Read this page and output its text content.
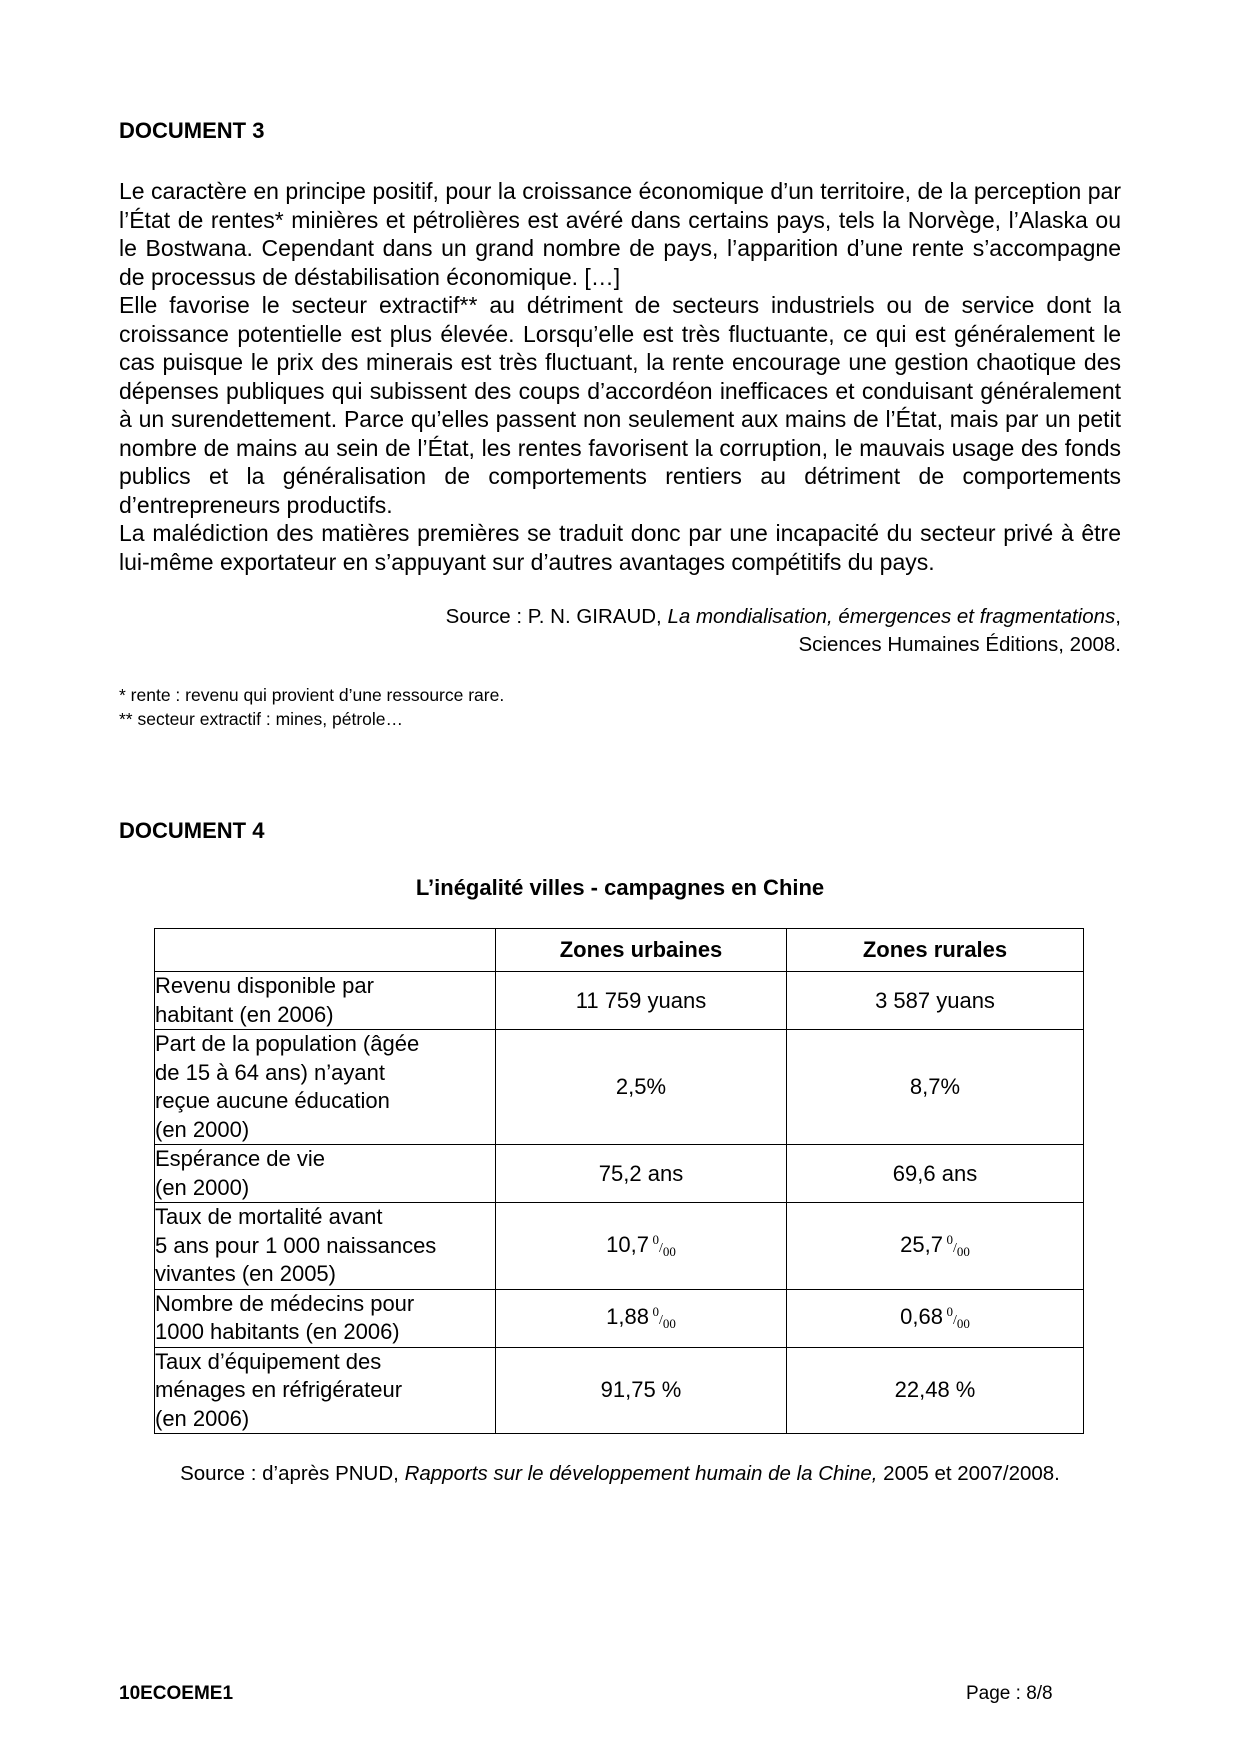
DOCUMENT 3

Le caractère en principe positif, pour la croissance économique d’un territoire, de la perception par l’État de rentes* minières et pétrolières est avéré dans certains pays, tels la Norvège, l’Alaska ou le Bostwana. Cependant dans un grand nombre de pays, l’apparition d’une rente s’accompagne de processus de déstabilisation économique. […]

Elle favorise le secteur extractif** au détriment de secteurs industriels ou de service dont la croissance potentielle est plus élevée. Lorsqu’elle est très fluctuante, ce qui est généralement le cas puisque le prix des minerais est très fluctuant, la rente encourage une gestion chaotique des dépenses publiques qui subissent des coups d’accordéon inefficaces et conduisant généralement à un surendettement. Parce qu’elles passent non seulement aux mains de l’État, mais par un petit nombre de mains au sein de l’État, les rentes favorisent la corruption, le mauvais usage des fonds publics et la généralisation de comportements rentiers au détriment de comportements d’entrepreneurs productifs.

La malédiction des matières premières se traduit donc par une incapacité du secteur privé à être lui-même exportateur en s’appuyant sur d’autres avantages compétitifs du pays.

Source : P. N. GIRAUD, La mondialisation, émergences et fragmentations,
Sciences Humaines Éditions, 2008.
* rente : revenu qui provient d’une ressource rare.
** secteur extractif : mines, pétrole…
DOCUMENT 4
L’inégalité villes - campagnes en Chine
	Zones urbaines	Zones rurales

Revenu disponible par
habitant (en 2006)	11 759 yuans	3 587 yuans

Part de la population (âgée
de 15 à 64 ans) n’ayant
reçue aucune éducation
(en 2000)	2,5%	8,7%

Espérance de vie
(en 2000)	75,2 ans	69,6 ans

Taux de mortalité avant
5 ans pour 1 000 naissances
vivantes (en 2005)	10,7 $^0/_{00}$	25,7 $^0/_{00}$

Nombre de médecins pour
1000 habitants (en 2006)	1,88 $^0/_{00}$	0,68 $^0/_{00}$

Taux d’équipement des
ménages en réfrigérateur
(en 2006)	91,75 %	22,48 %
Source : d’après PNUD, Rapports sur le développement humain de la Chine, 2005 et 2007/2008.
10ECOEME1	Page : 8/8
